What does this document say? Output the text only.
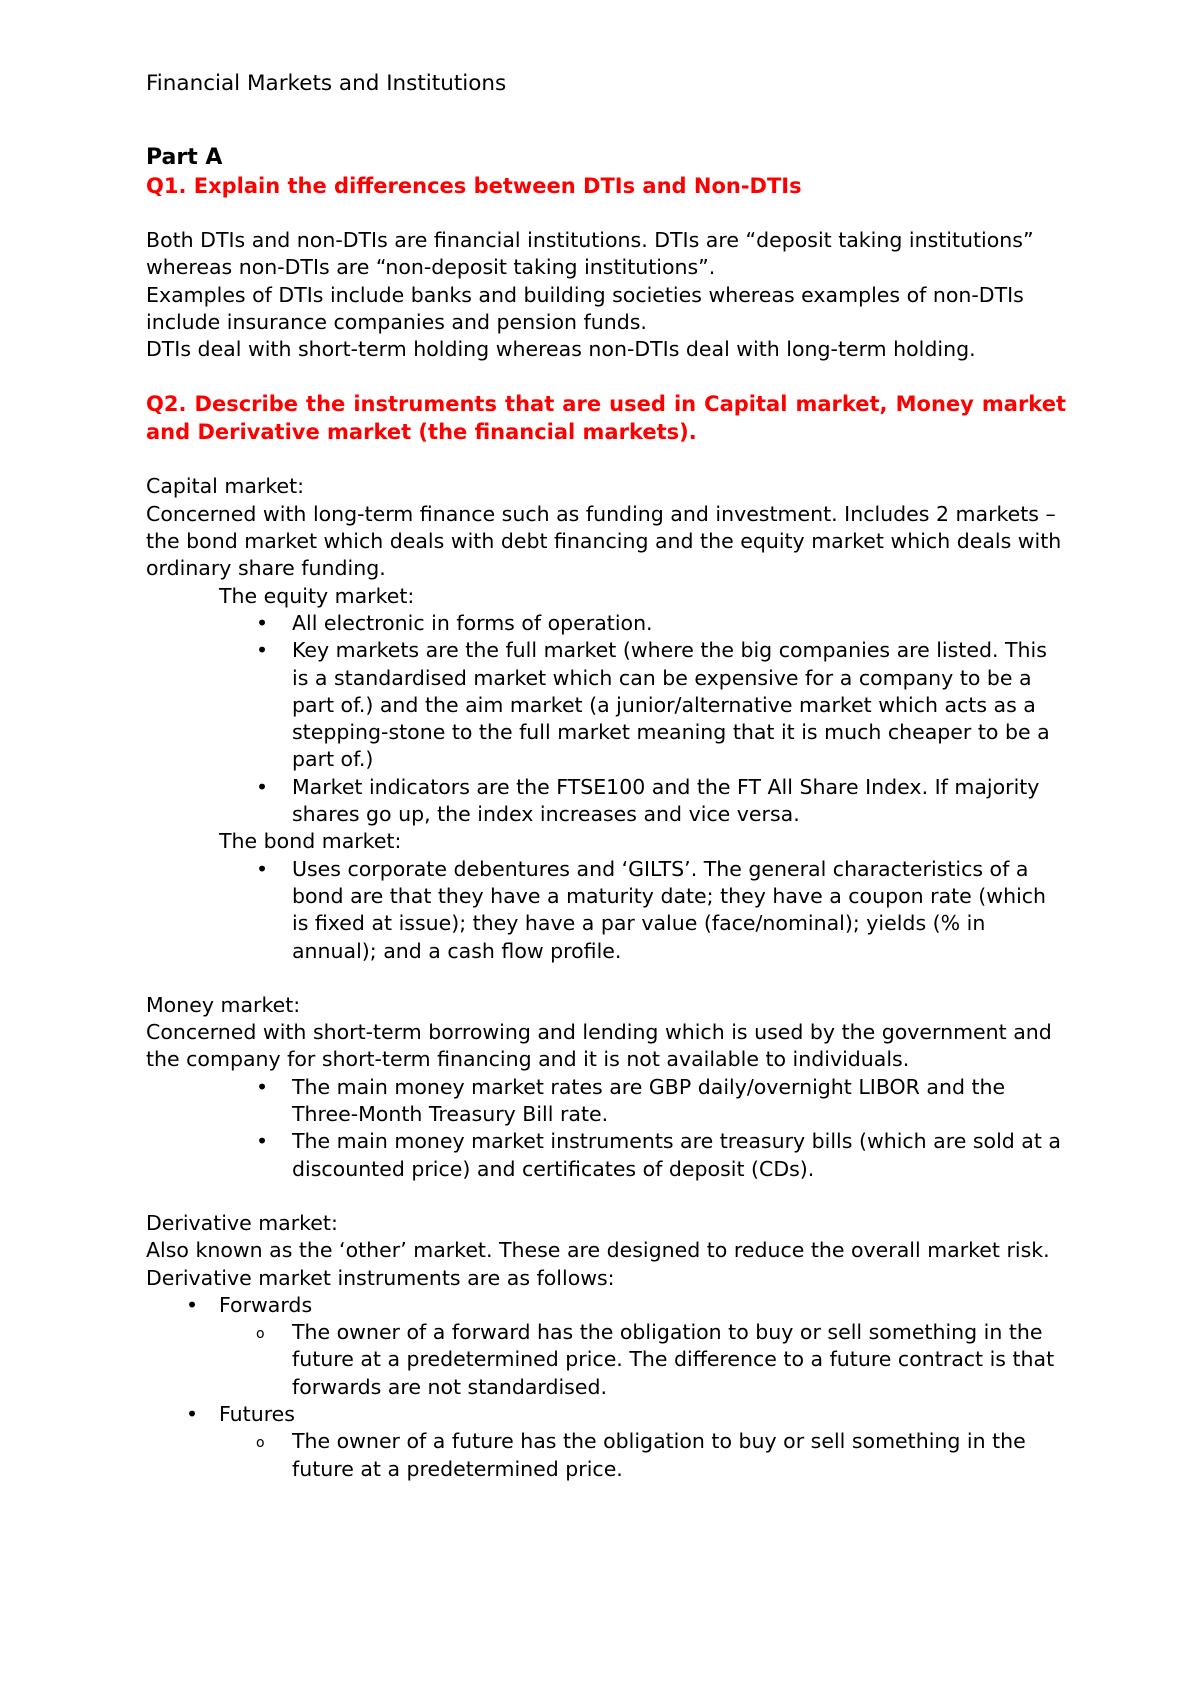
Financial Markets and Institutions
Part A
Q1. Explain the differences between DTIs and Non-DTIs

Both DTIs and non-DTIs are financial institutions. DTIs are “deposit taking institutions” whereas non-DTIs are “non-deposit taking institutions”.

Examples of DTIs include banks and building societies whereas examples of non-DTIs include insurance companies and pension funds.

DTIs deal with short-term holding whereas non-DTIs deal with long-term holding.

Q2. Describe the instruments that are used in Capital market, Money market and Derivative market (the financial markets).

Capital market:

Concerned with long-term finance such as funding and investment. Includes 2 markets – the bond market which deals with debt financing and the equity market which deals with ordinary share funding.

The equity market:

• All electronic in forms of operation.
• Key markets are the full market (where the big companies are listed. This is a standardised market which can be expensive for a company to be a part of.) and the aim market (a junior/alternative market which acts as a stepping-stone to the full market meaning that it is much cheaper to be a part of.)
• Market indicators are the FTSE100 and the FT All Share Index. If majority shares go up, the index increases and vice versa.

The bond market:

• Uses corporate debentures and ‘GILTS’. The general characteristics of a bond are that they have a maturity date; they have a coupon rate (which is fixed at issue); they have a par value (face/nominal); yields (% in annual); and a cash flow profile.

Money market:

Concerned with short-term borrowing and lending which is used by the government and the company for short-term financing and it is not available to individuals.

• The main money market rates are GBP daily/overnight LIBOR and the Three-Month Treasury Bill rate.
• The main money market instruments are treasury bills (which are sold at a discounted price) and certificates of deposit (CDs).

Derivative market:

Also known as the ‘other’ market. These are designed to reduce the overall market risk.

Derivative market instruments are as follows:

• Forwards
o The owner of a forward has the obligation to buy or sell something in the future at a predetermined price. The difference to a future contract is that forwards are not standardised.
• Futures
o The owner of a future has the obligation to buy or sell something in the future at a predetermined price.
